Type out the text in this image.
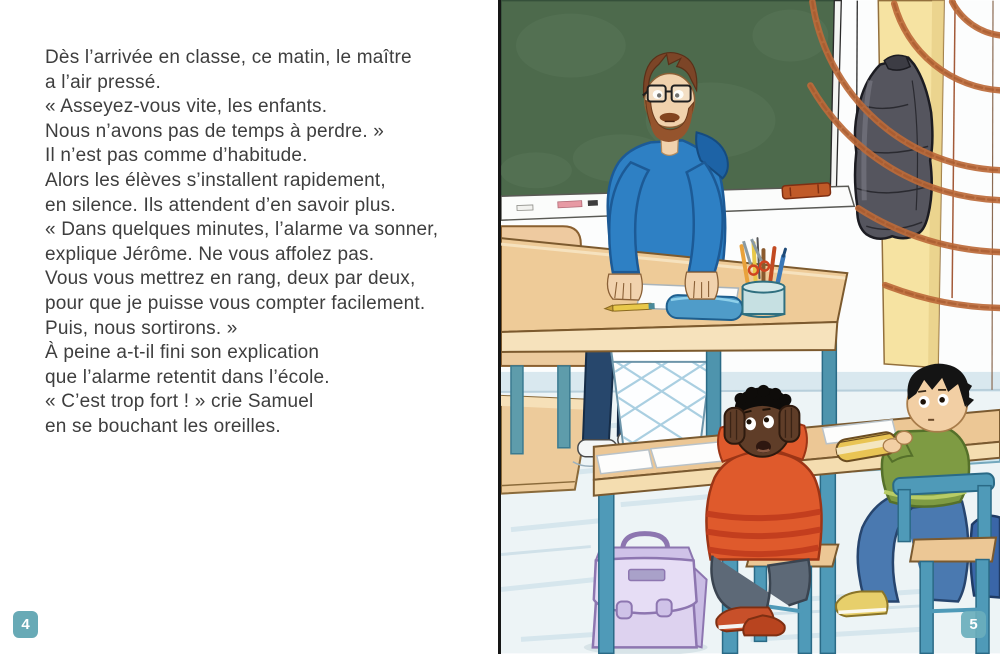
Dès l’arrivée en classe, ce matin, le maître
a l’air pressé.
« Asseyez-vous vite, les enfants.
Nous n’avons pas de temps à perdre. »
Il n’est pas comme d’habitude.
Alors les élèves s’installent rapidement,
en silence. Ils attendent d’en savoir plus.
« Dans quelques minutes, l’alarme va sonner,
explique Jérôme. Ne vous affolez pas.
Vous vous mettrez en rang, deux par deux,
pour que je puisse vous compter facilement.
Puis, nous sortirons. »
À peine a-t-il fini son explication
que l’alarme retentit dans l’école.
« C’est trop fort ! » crie Samuel
en se bouchant les oreilles.
4	5
